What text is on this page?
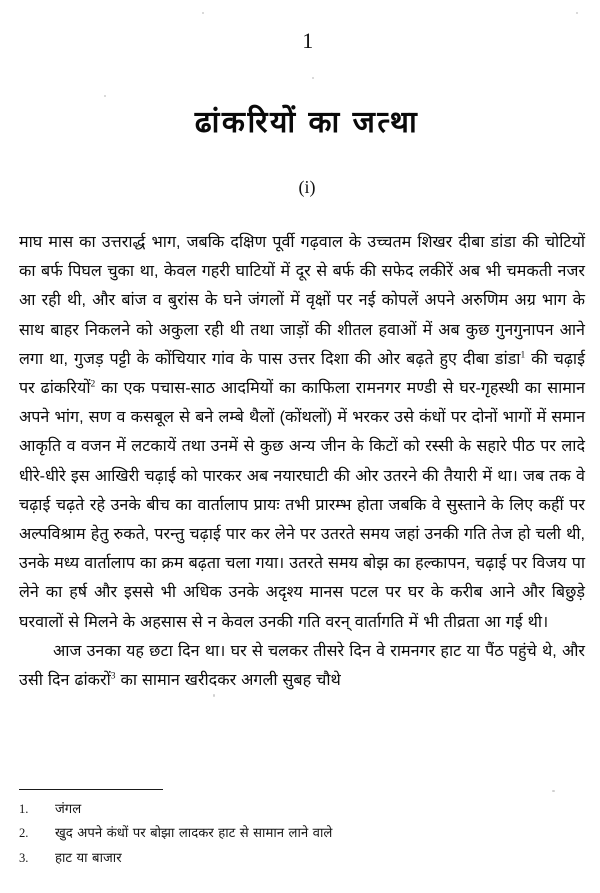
1
ढांकरियों का जत्था
(i)

माघ मास का उत्तरार्द्ध भाग, जबकि दक्षिण पूर्वी गढ़वाल के उच्चतम शिखर दीबा डांडा की चोटियों का बर्फ पिघल चुका था, केवल गहरी घाटियों में दूर से बर्फ की सफेद लकीरें अब भी चमकती नजर आ रही थी, और बांज व बुरांस के घने जंगलों में वृक्षों पर नई कोपलें अपने अरुणिम अग्र भाग के साथ बाहर निकलने को अकुला रही थी तथा जाड़ों की शीतल हवाओं में अब कुछ गुनगुनापन आने लगा था, गुजड़ पट्टी के कोंचियार गांव के पास उत्तर दिशा की ओर बढ़ते हुए दीबा डांडा$^1$ की चढ़ाई पर ढांकरियों$^2$ का एक पचास-साठ आदमियों का काफिला रामनगर मण्डी से घर-गृहस्थी का सामान अपने भांग, सण व कसबूल से बने लम्बे थैलों (कोंथलों) में भरकर उसे कंधों पर दोनों भागों में समान आकृति व वजन में लटकायें तथा उनमें से कुछ अन्य जीन के किटों को रस्सी के सहारे पीठ पर लादे धीरे-धीरे इस आखिरी चढ़ाई को पारकर अब नयारघाटी की ओर उतरने की तैयारी में था। जब तक वे चढ़ाई चढ़ते रहे उनके बीच का वार्तालाप प्रायः तभी प्रारम्भ होता जबकि वे सुस्ताने के लिए कहीं पर अल्पविश्राम हेतु रुकते, परन्तु चढ़ाई पार कर लेने पर उतरते समय जहां उनकी गति तेज हो चली थी, उनके मध्य वार्तालाप का क्रम बढ़ता चला गया। उतरते समय बोझ का हल्कापन, चढ़ाई पर विजय पा लेने का हर्ष और इससे भी अधिक उनके अदृश्य मानस पटल पर घर के करीब आने और बिछुड़े घरवालों से मिलने के अहसास से न केवल उनकी गति वरन् वार्तागति में भी तीव्रता आ गई थी।

आज उनका यह छटा दिन था। घर से चलकर तीसरे दिन वे रामनगर हाट या पैंठ पहुंचे थे, और उसी दिन ढांकरों$^3$ का सामान खरीदकर अगली सुबह चौथे

1.	जंगल
2.	खुद अपने कंधों पर बोझा लादकर हाट से सामान लाने वाले
3.	हाट या बाजार
